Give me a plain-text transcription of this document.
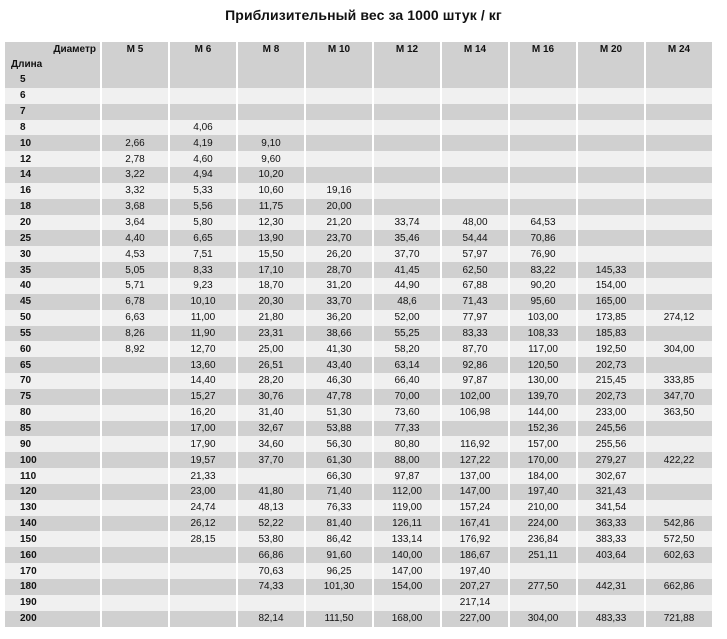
Приблизительный вес за 1000 штук / кг
Диаметр	M 5	M 6	M 8	M 10	M 12	M 14	M 16	M 20	M 24
Длина									
5									
6									
7									
8		4,06							
10	2,66	4,19	9,10						
12	2,78	4,60	9,60						
14	3,22	4,94	10,20						
16	3,32	5,33	10,60	19,16					
18	3,68	5,56	11,75	20,00					
20	3,64	5,80	12,30	21,20	33,74	48,00	64,53		
25	4,40	6,65	13,90	23,70	35,46	54,44	70,86		
30	4,53	7,51	15,50	26,20	37,70	57,97	76,90		
35	5,05	8,33	17,10	28,70	41,45	62,50	83,22	145,33	
40	5,71	9,23	18,70	31,20	44,90	67,88	90,20	154,00	
45	6,78	10,10	20,30	33,70	48,6	71,43	95,60	165,00	
50	6,63	11,00	21,80	36,20	52,00	77,97	103,00	173,85	274,12
55	8,26	11,90	23,31	38,66	55,25	83,33	108,33	185,83	
60	8,92	12,70	25,00	41,30	58,20	87,70	117,00	192,50	304,00
65		13,60	26,51	43,40	63,14	92,86	120,50	202,73	
70		14,40	28,20	46,30	66,40	97,87	130,00	215,45	333,85
75		15,27	30,76	47,78	70,00	102,00	139,70	202,73	347,70
80		16,20	31,40	51,30	73,60	106,98	144,00	233,00	363,50
85		17,00	32,67	53,88	77,33		152,36	245,56	
90		17,90	34,60	56,30	80,80	116,92	157,00	255,56	
100		19,57	37,70	61,30	88,00	127,22	170,00	279,27	422,22
110		21,33		66,30	97,87	137,00	184,00	302,67	
120		23,00	41,80	71,40	112,00	147,00	197,40	321,43	
130		24,74	48,13	76,33	119,00	157,24	210,00	341,54	
140		26,12	52,22	81,40	126,11	167,41	224,00	363,33	542,86
150		28,15	53,80	86,42	133,14	176,92	236,84	383,33	572,50
160			66,86	91,60	140,00	186,67	251,11	403,64	602,63
170			70,63	96,25	147,00	197,40			
180			74,33	101,30	154,00	207,27	277,50	442,31	662,86
190						217,14			
200			82,14	111,50	168,00	227,00	304,00	483,33	721,88
